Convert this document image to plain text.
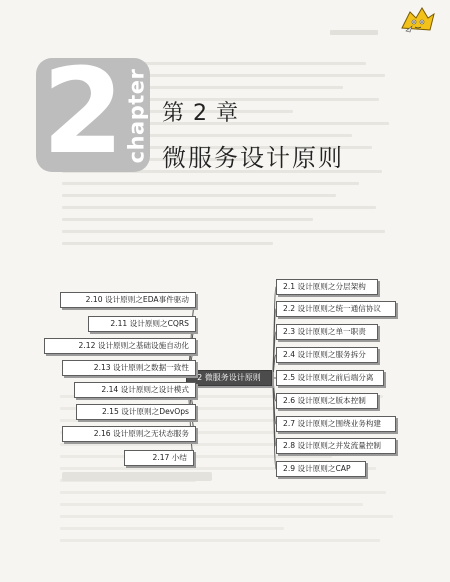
2 chapter 第 2 章
微服务设计原则
2 微服务设计原则
2.10 设计原则之EDA事件驱动
2.11 设计原则之CQRS
2.12 设计原则之基础设施自动化
2.13 设计原则之数据一致性
2.14 设计原则之设计模式
2.15 设计原则之DevOps
2.16 设计原则之无状态服务
2.17 小结
2.1 设计原则之分层架构
2.2 设计原则之统一通信协议
2.3 设计原则之单一职责
2.4 设计原则之服务拆分
2.5 设计原则之前后端分离
2.6 设计原则之版本控制
2.7 设计原则之围绕业务构建
2.8 设计原则之并发流量控制
2.9 设计原则之CAP
